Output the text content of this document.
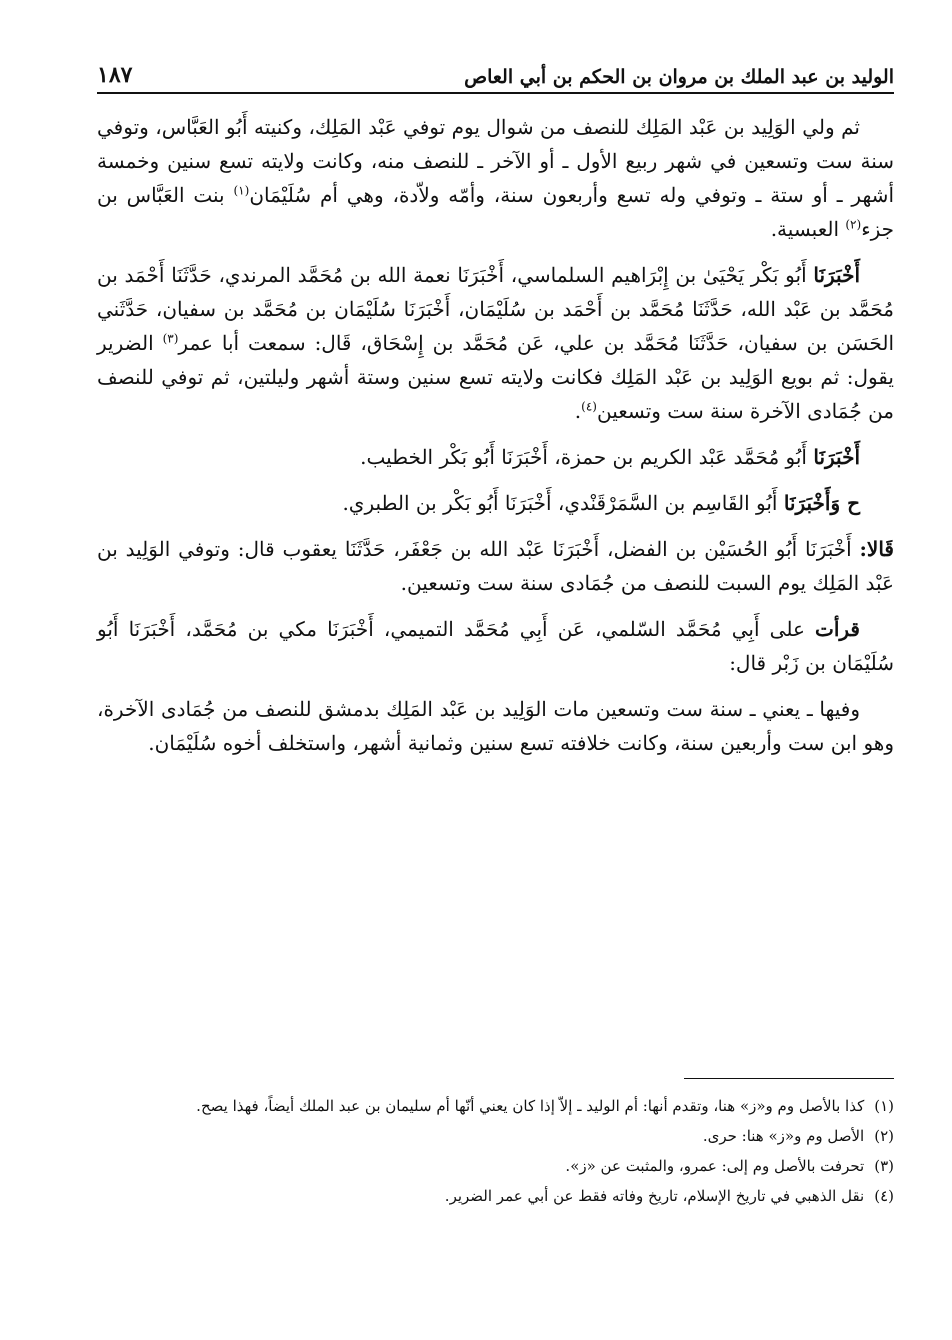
الوليد بن عبد الملك بن مروان بن الحكم بن أبي العاص
١٨٧

ثم ولي الوَلِيد بن عَبْد المَلِك للنصف من شوال يوم توفي عَبْد المَلِك، وكنيته أَبُو العَبَّاس، وتوفي سنة ست وتسعين في شهر ربيع الأول ـ أو الآخر ـ للنصف منه، وكانت ولايته تسع سنين وخمسة أشهر ـ أو ستة ـ وتوفي وله تسع وأربعون سنة، وأمّه ولاّدة، وهي أم سُلَيْمَان$^{(١)}$ بنت العَبَّاس بن جزء$^{(٢)}$ العبسية.

أَخْبَرَنَا أَبُو بَكْر يَحْيَىٰ بن إِبْرَاهيم السلماسي، أَخْبَرَنَا نعمة الله بن مُحَمَّد المرندي، حَدَّثَنَا أَحْمَد بن مُحَمَّد بن عَبْد الله، حَدَّثَنَا مُحَمَّد بن أَحْمَد بن سُلَيْمَان، أَخْبَرَنَا سُلَيْمَان بن مُحَمَّد بن سفيان، حَدَّثَني الحَسَن بن سفيان، حَدَّثَنَا مُحَمَّد بن علي، عَن مُحَمَّد بن إِسْحَاق، قَال: سمعت أبا عمر$^{(٣)}$ الضرير يقول: ثم بويع الوَلِيد بن عَبْد المَلِك فكانت ولايته تسع سنين وستة أشهر وليلتين، ثم توفي للنصف من جُمَادى الآخرة سنة ست وتسعين$^{(٤)}$.

أَخْبَرَنَا أَبُو مُحَمَّد عَبْد الكريم بن حمزة، أَخْبَرَنَا أَبُو بَكْر الخطيب.

ح وَأَخْبَرَنَا أَبُو القَاسِم بن السَّمَرْقَنْدي، أَخْبَرَنَا أَبُو بَكْر بن الطبري.

قَالا: أَخْبَرَنَا أَبُو الحُسَيْن بن الفضل، أَخْبَرَنَا عَبْد الله بن جَعْفَر، حَدَّثَنَا يعقوب قال: وتوفي الوَلِيد بن عَبْد المَلِك يوم السبت للنصف من جُمَادى سنة ست وتسعين.

قرأت على أَبِي مُحَمَّد السّلمي، عَن أَبِي مُحَمَّد التميمي، أَخْبَرَنَا مكي بن مُحَمَّد، أَخْبَرَنَا أَبُو سُلَيْمَان بن زَبْر قال:

وفيها ـ يعني ـ سنة ست وتسعين مات الوَلِيد بن عَبْد المَلِك بدمشق للنصف من جُمَادى الآخرة، وهو ابن ست وأربعين سنة، وكانت خلافته تسع سنين وثمانية أشهر، واستخلف أخوه سُلَيْمَان.

(١)
كذا بالأصل وم و«ز» هنا، وتقدم أنها: أم الوليد ـ إلاّ إذا كان يعني أنّها أم سليمان بن عبد الملك أيضاً، فهذا يصح.
(٢)
الأصل وم و«ز» هنا: حرى.
(٣)
تحرفت بالأصل وم إلى: عمرو، والمثبت عن «ز».
(٤)
نقل الذهبي في تاريخ الإسلام، تاريخ وفاته فقط عن أبي عمر الضرير.
